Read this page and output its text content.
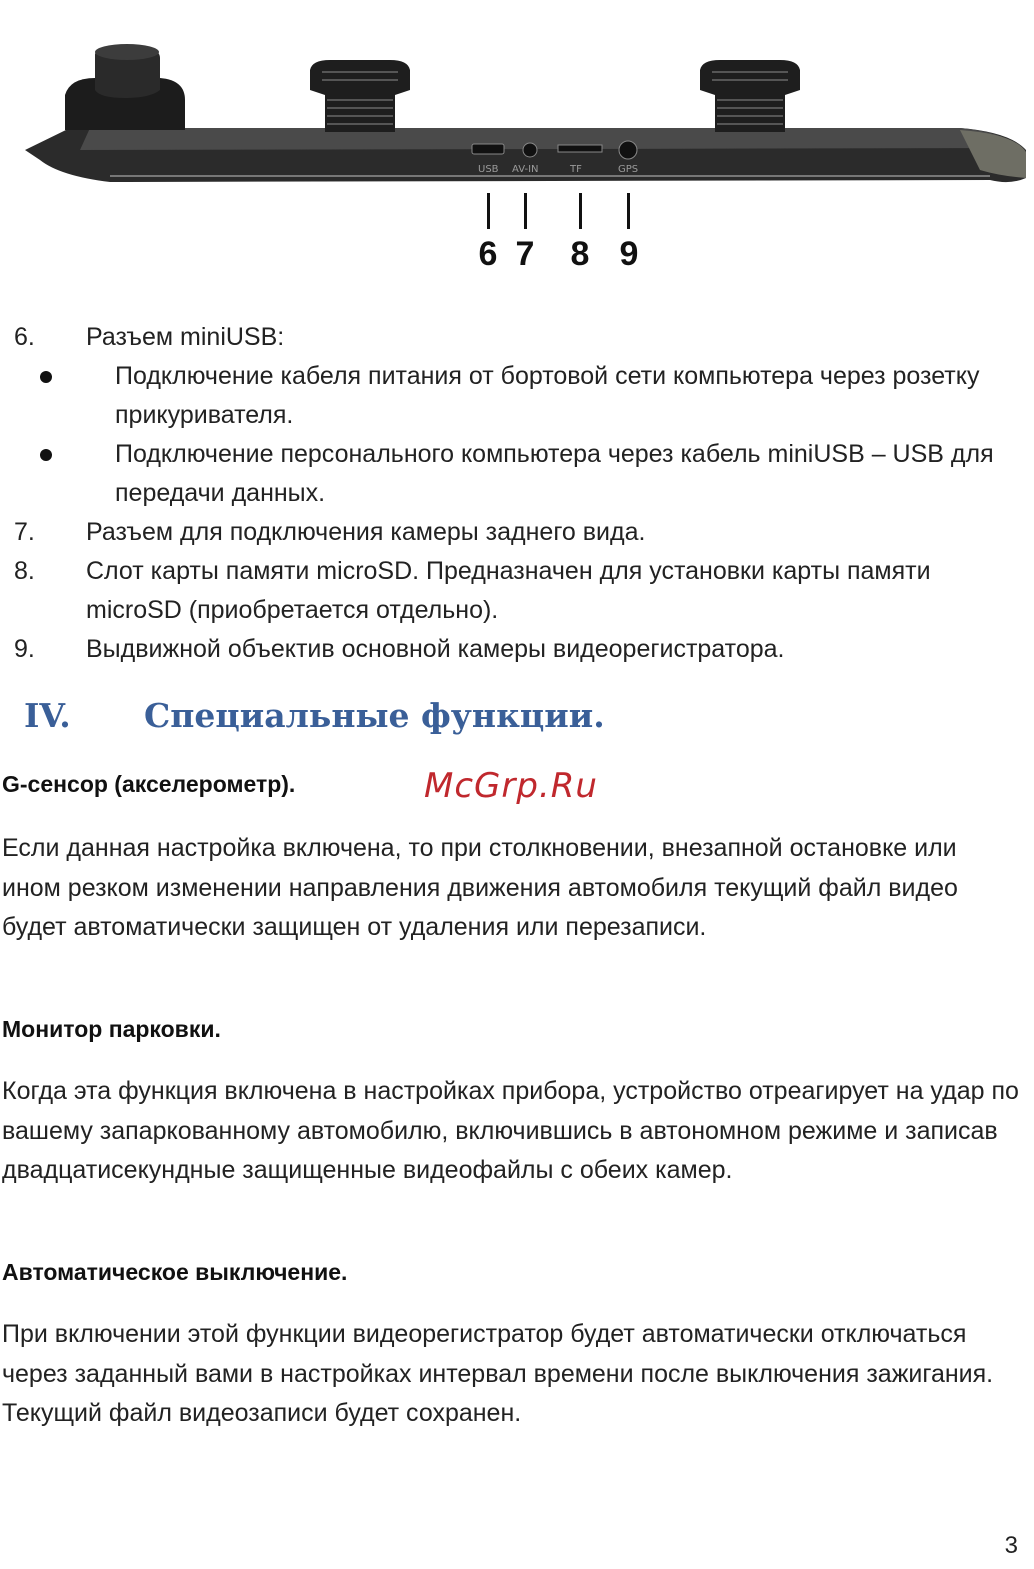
USB AV-IN	TF	GPS
6 7 8 9
6. Разъем miniUSB:
Подключение кабеля питания от бортовой сети компьютера через розетку прикуривателя.
Подключение персонального компьютера через кабель miniUSB – USB для передачи данных.
7. Разъем для подключения камеры заднего вида.
8. Слот карты памяти microSD. Предназначен для установки карты памяти microSD (приобретается отдельно).
9. Выдвижной объектив основной камеры видеорегистратора.
IV. Специальные функции.
G-сенсор (акселерометр).	McGrp.Ru
Если данная настройка включена, то при столкновении, внезапной остановке или ином резком изменении направления движения автомобиля текущий файл видео будет автоматически защищен от удаления или перезаписи.
Монитор парковки.
Когда эта функция включена в настройках прибора, устройство отреагирует на удар по вашему запаркованному автомобилю, включившись в автономном режиме и записав двадцатисекундные защищенные видеофайлы с обеих камер.
Автоматическое выключение.
При включении этой функции видеорегистратор будет автоматически отключаться через заданный вами в настройках интервал времени после выключения зажигания. Текущий файл видеозаписи будет сохранен.
3
